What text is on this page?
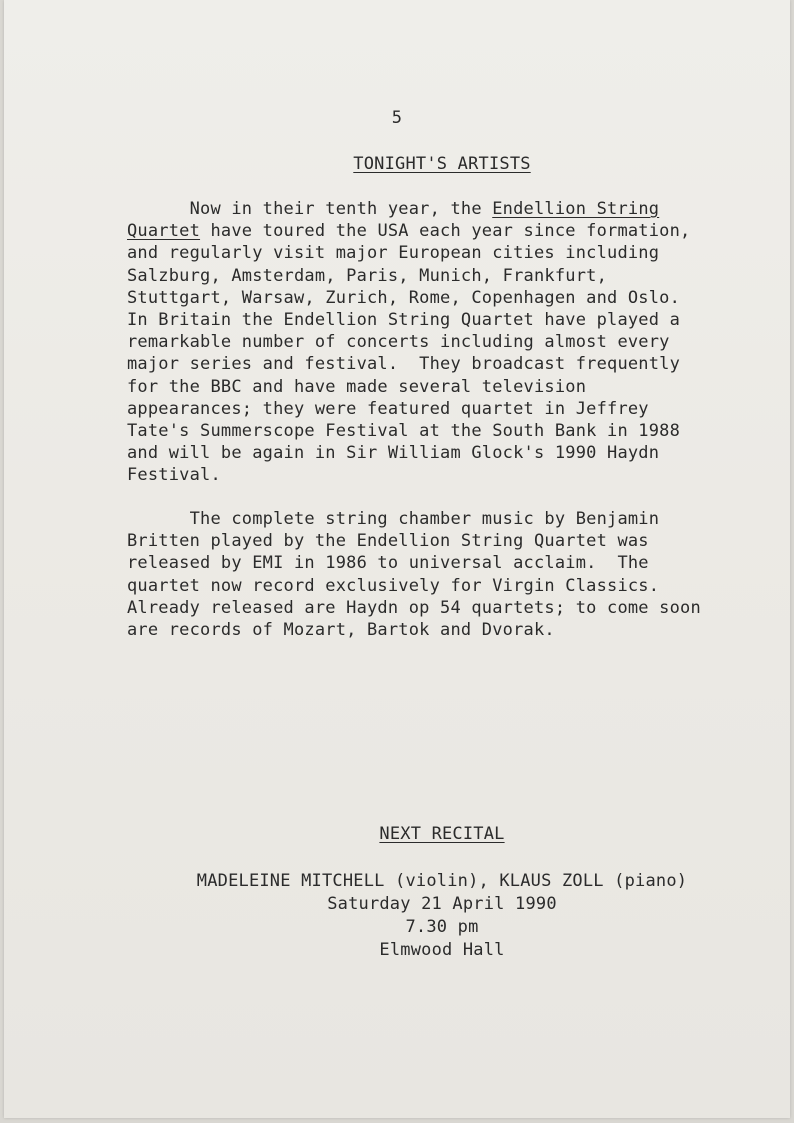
5
TONIGHT'S ARTISTS
Now in their tenth year, the Endellion String
Quartet have toured the USA each year since formation,
and regularly visit major European cities including
Salzburg, Amsterdam, Paris, Munich, Frankfurt,
Stuttgart, Warsaw, Zurich, Rome, Copenhagen and Oslo.
In Britain the Endellion String Quartet have played a
remarkable number of concerts including almost every
major series and festival.  They broadcast frequently
for the BBC and have made several television
appearances; they were featured quartet in Jeffrey
Tate's Summerscope Festival at the South Bank in 1988
and will be again in Sir William Glock's 1990 Haydn
Festival.
The complete string chamber music by Benjamin
Britten played by the Endellion String Quartet was
released by EMI in 1986 to universal acclaim.  The
quartet now record exclusively for Virgin Classics.
Already released are Haydn op 54 quartets; to come soon
are records of Mozart, Bartok and Dvorak.
NEXT RECITAL
MADELEINE MITCHELL (violin), KLAUS ZOLL (piano)
Saturday 21 April 1990
7.30 pm
Elmwood Hall
